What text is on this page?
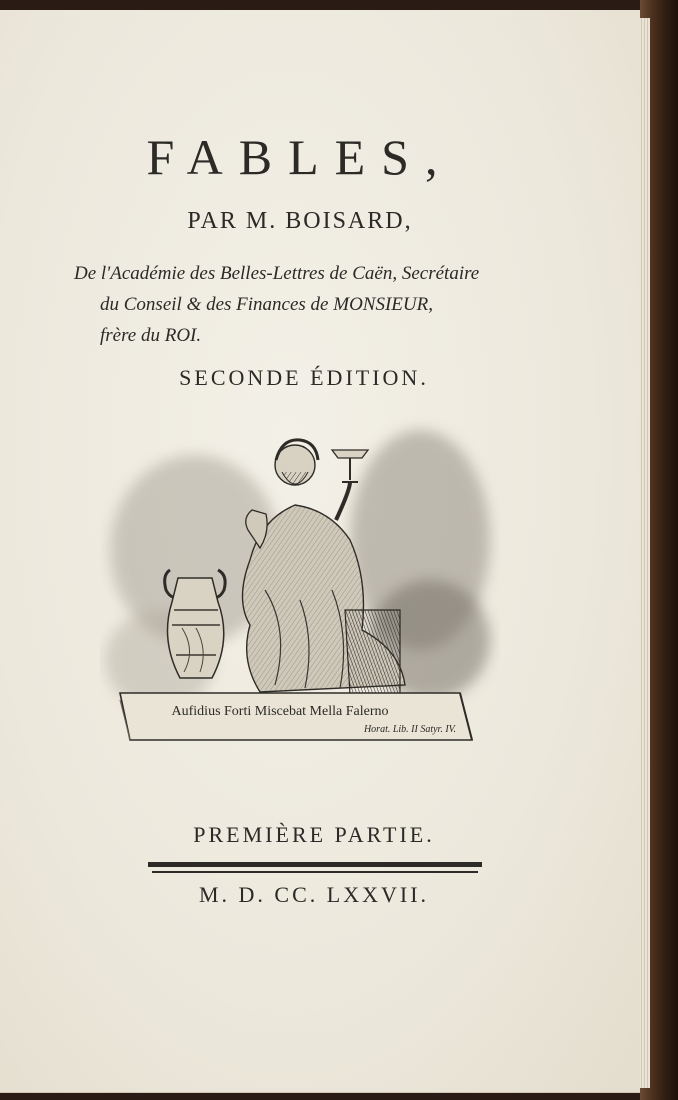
FABLES,
PAR M. BOISARD,
De l'Académie des Belles-Lettres de Caën, Secrétaire
du Conseil & des Finances de MONSIEUR,
frère du ROI.
SECONDE ÉDITION.
Aufidius Forti Miscebat Mella Falerno
Horat. Lib. II Satyr. IV.
PREMIÈRE PARTIE.
M. D. CC. LXXVII.
